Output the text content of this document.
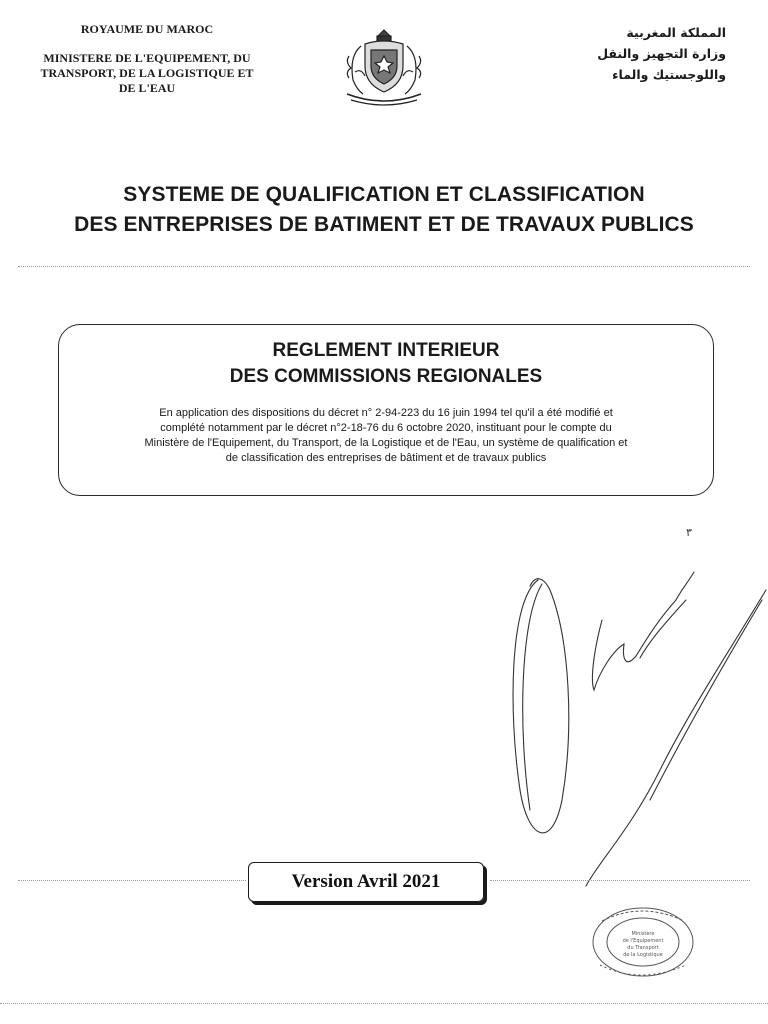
ROYAUME DU MAROC
MINISTERE DE L'EQUIPEMENT, DU
TRANSPORT, DE LA LOGISTIQUE ET
DE L'EAU
المملكة المغربية
وزارة التجهيز والنقل
واللوجستيك والماء
SYSTEME DE QUALIFICATION ET CLASSIFICATION
DES ENTREPRISES DE BATIMENT ET DE TRAVAUX PUBLICS
REGLEMENT INTERIEUR
DES COMMISSIONS REGIONALES
En application des dispositions du décret n° 2-94-223 du 16 juin 1994 tel qu'il a été modifié et
complété notamment par le décret n°2-18-76 du 6 octobre 2020, instituant pour le compte du
Ministère de l'Equipement, du Transport, de la Logistique et de l'Eau, un système de qualification et
de classification des entreprises de bâtiment et de travaux publics
٣
Version Avril 2021
Ministère
de l'Equipement
du Transport
de la Logistique
